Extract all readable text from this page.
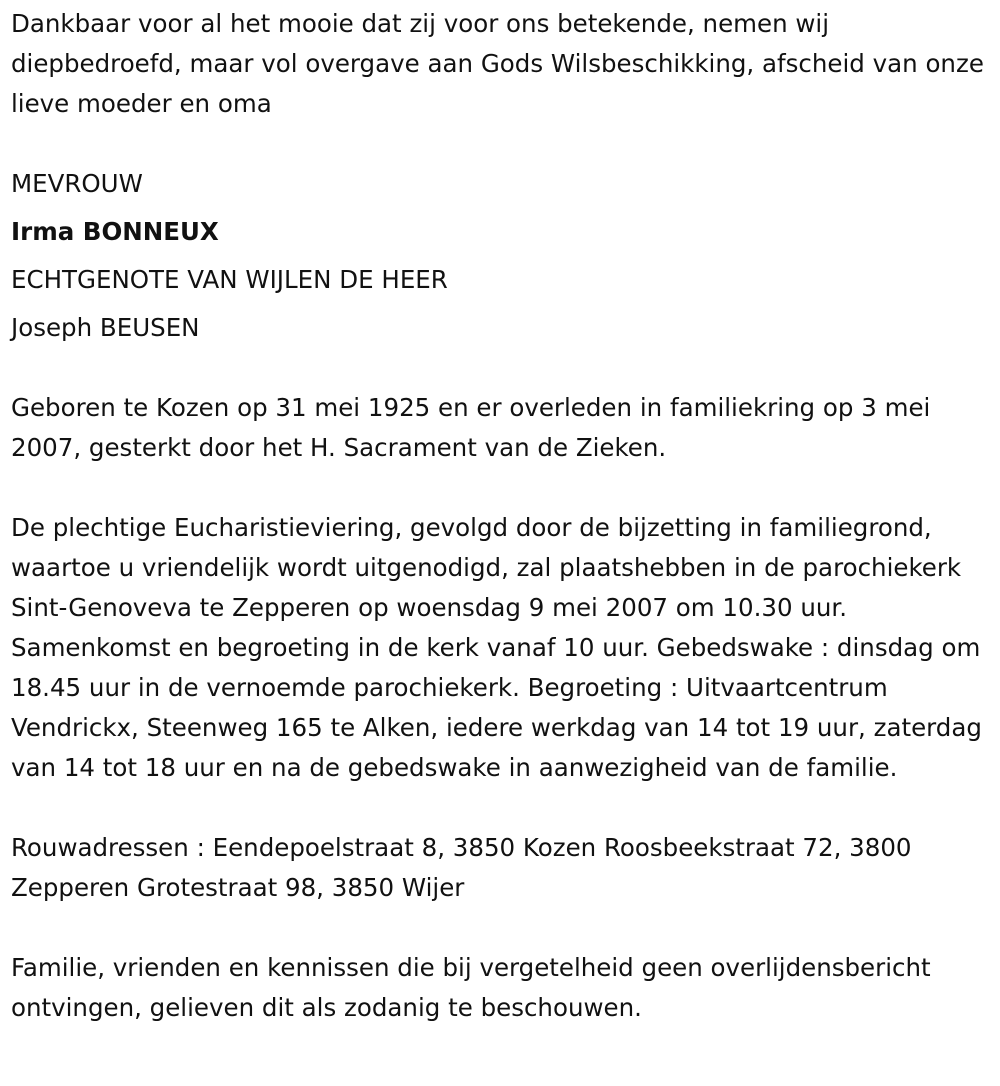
Dankbaar voor al het mooie dat zij voor ons betekende, nemen wij diepbedroefd, maar vol overgave aan Gods Wilsbeschikking, afscheid van onze lieve moeder en oma

MEVROUW
Irma BONNEUX
ECHTGENOTE VAN WIJLEN DE HEER
Joseph BEUSEN

Geboren te Kozen op 31 mei 1925 en er overleden in familiekring op 3 mei 2007, gesterkt door het H. Sacrament van de Zieken.

De plechtige Eucharistieviering, gevolgd door de bijzetting in familiegrond, waartoe u vriendelijk wordt uitgenodigd, zal plaatshebben in de parochiekerk Sint-Genoveva te Zepperen op woensdag 9 mei 2007 om 10.30 uur. Samenkomst en begroeting in de kerk vanaf 10 uur. Gebedswake : dinsdag om 18.45 uur in de vernoemde parochiekerk. Begroeting : Uitvaartcentrum Vendrickx, Steenweg 165 te Alken, iedere werkdag van 14 tot 19 uur, zaterdag van 14 tot 18 uur en na de gebedswake in aanwezigheid van de familie.

Rouwadressen : Eendepoelstraat 8, 3850 Kozen Roosbeekstraat 72, 3800 Zepperen Grotestraat 98, 3850 Wijer

Familie, vrienden en kennissen die bij vergetelheid geen overlijdensbericht ontvingen, gelieven dit als zodanig te beschouwen.
